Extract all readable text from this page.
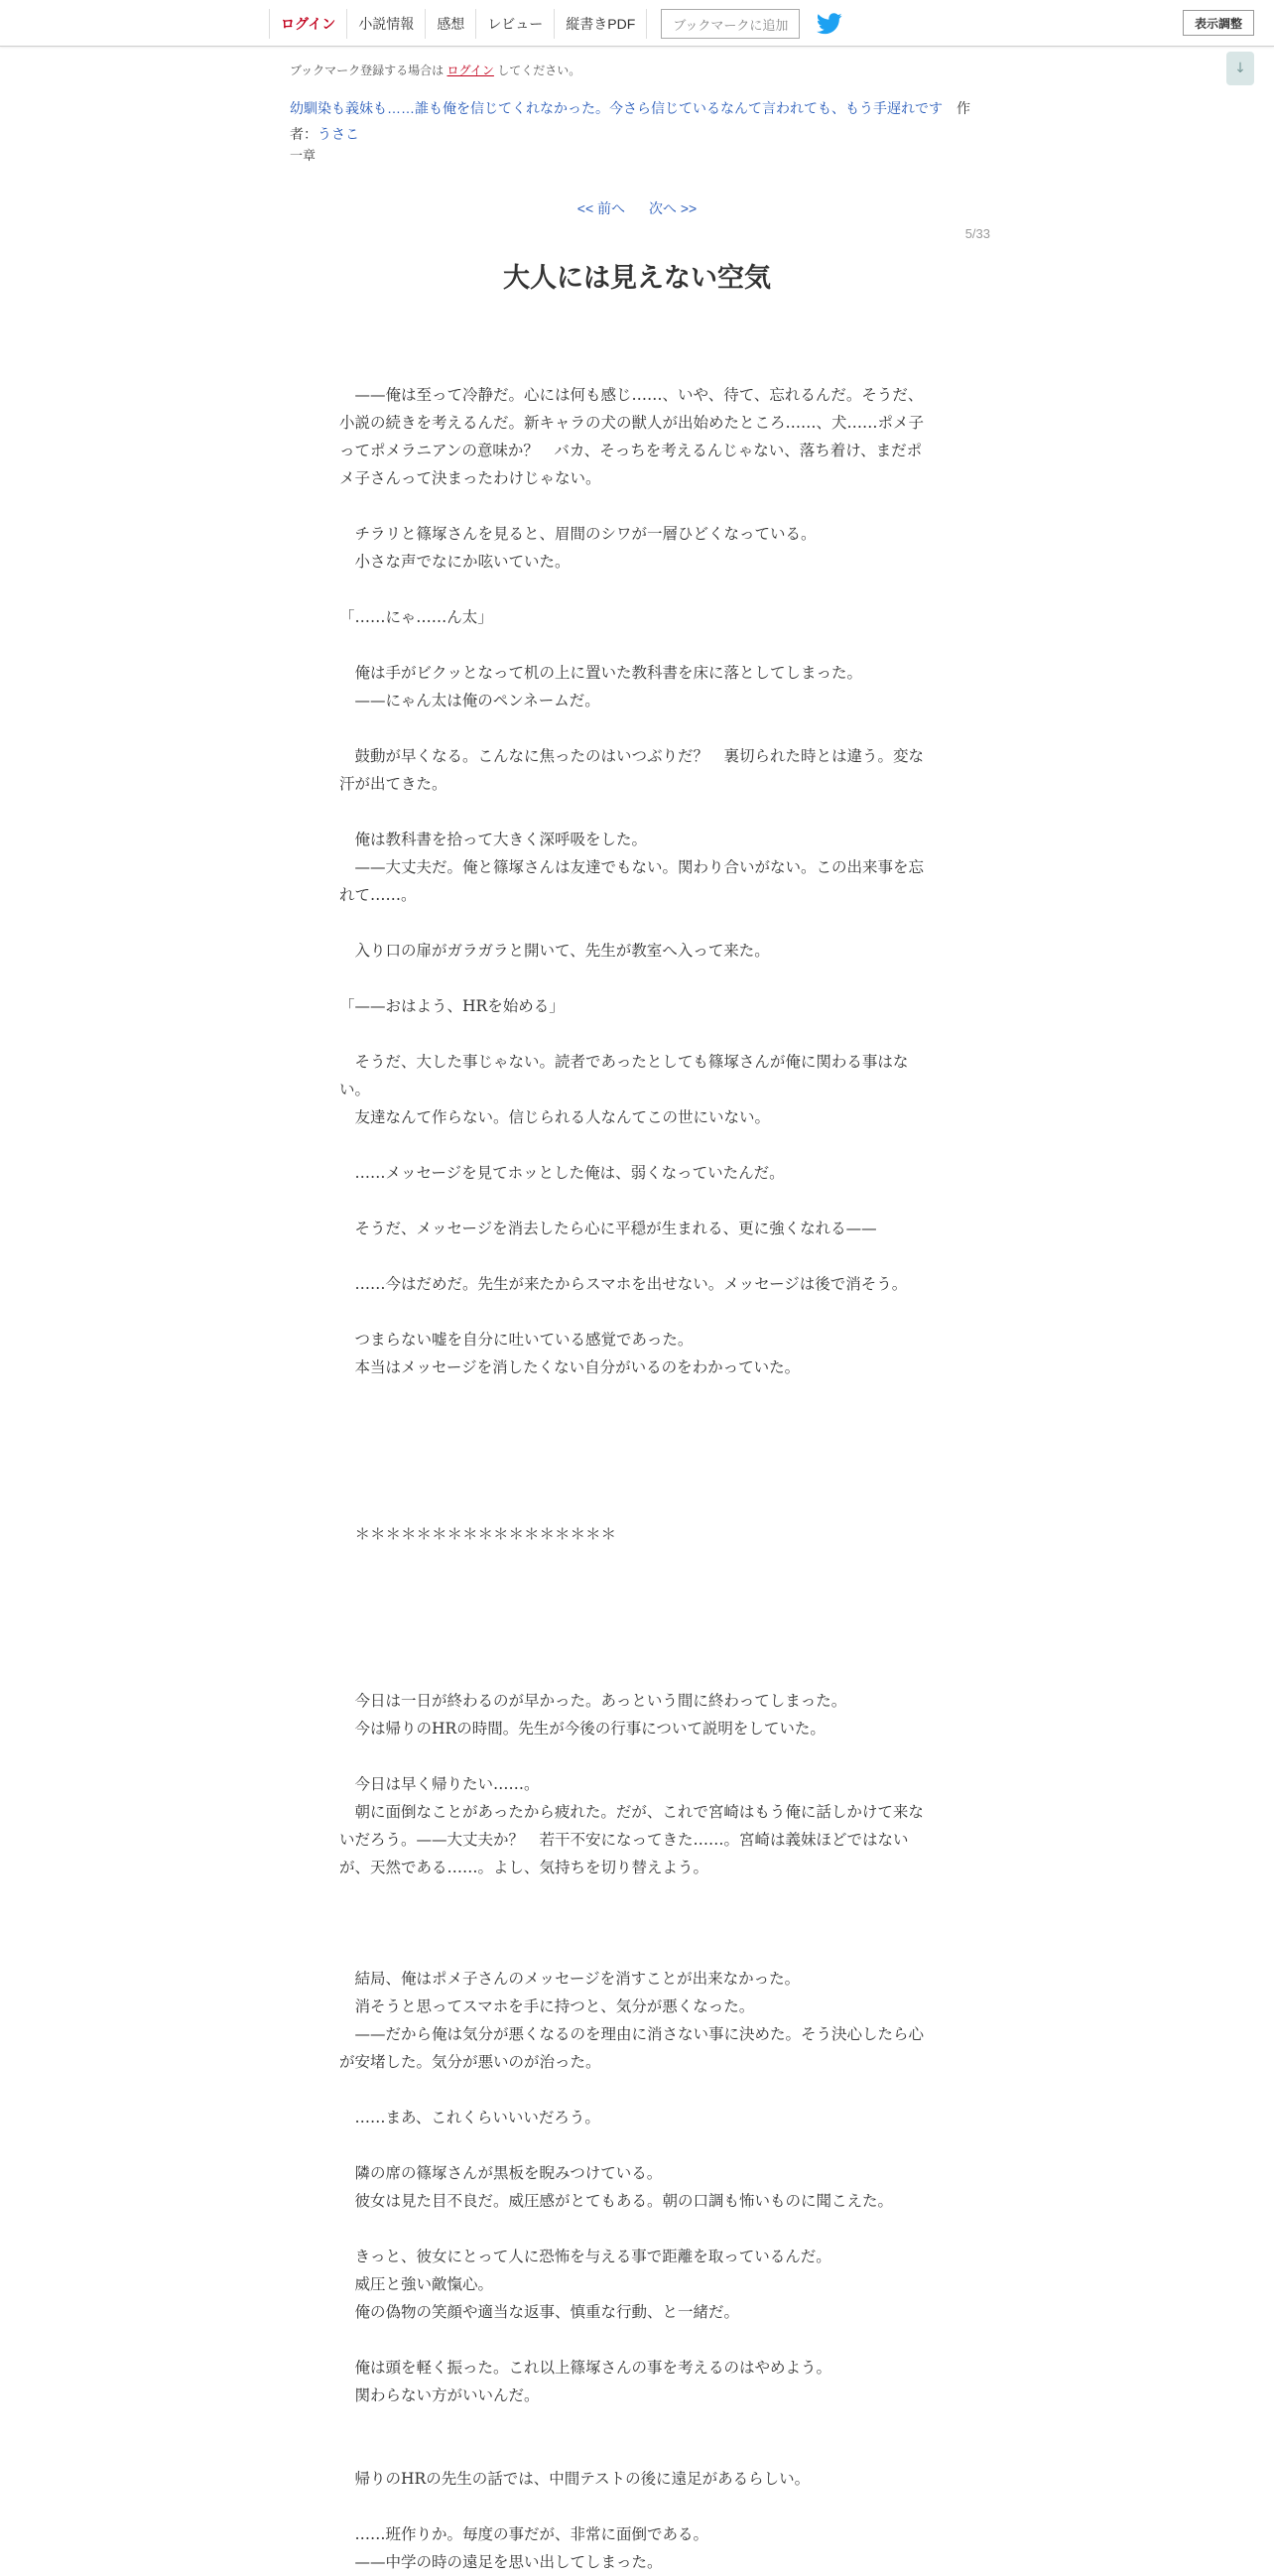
ログイン	小説情報	感想	レビュー	縦書きPDF	ブックマークに追加	表示調整
↓
ブックマーク登録する場合は ログイン してください。
幼馴染も義妹も……誰も俺を信じてくれなかった。今さら信じているなんて言われても、もう手遅れです　 作者：うさこ
一章
<< 前へ 次へ >>
5/33
大人には見えない空気

　——俺は至って冷静だ。心には何も感じ……、いや、待て、忘れるんだ。そうだ、小説の続きを考えるんだ。新キャラの犬の獣人が出始めたところ……、犬……ポメ子ってポメラニアンの意味か？　バカ、そっちを考えるんじゃない、落ち着け、まだポメ子さんって決まったわけじゃない。

　チラリと篠塚さんを見ると、眉間のシワが一層ひどくなっている。

　小さな声でなにか呟いていた。

「……にゃ……ん太」

　俺は手がビクッとなって机の上に置いた教科書を床に落としてしまった。

　——にゃん太は俺のペンネームだ。

　鼓動が早くなる。こんなに焦ったのはいつぶりだ？　裏切られた時とは違う。変な汗が出てきた。

　俺は教科書を拾って大きく深呼吸をした。

　——大丈夫だ。俺と篠塚さんは友達でもない。関わり合いがない。この出来事を忘れて……。

　入り口の扉がガラガラと開いて、先生が教室へ入って来た。

「——おはよう、HRを始める」

　そうだ、大した事じゃない。読者であったとしても篠塚さんが俺に関わる事はない。

　友達なんて作らない。信じられる人なんてこの世にいない。

　……メッセージを見てホッとした俺は、弱くなっていたんだ。

　そうだ、メッセージを消去したら心に平穏が生まれる、更に強くなれる——

　……今はだめだ。先生が来たからスマホを出せない。メッセージは後で消そう。

　つまらない嘘を自分に吐いている感覚であった。

　本当はメッセージを消したくない自分がいるのをわかっていた。

　＊＊＊＊＊＊＊＊＊＊＊＊＊＊＊＊＊

　今日は一日が終わるのが早かった。あっという間に終わってしまった。

　今は帰りのHRの時間。先生が今後の行事について説明をしていた。

　今日は早く帰りたい……。

　朝に面倒なことがあったから疲れた。だが、これで宮崎はもう俺に話しかけて来ないだろう。——大丈夫か？　若干不安になってきた……。宮崎は義妹ほどではないが、天然である……。よし、気持ちを切り替えよう。

　結局、俺はポメ子さんのメッセージを消すことが出来なかった。

　消そうと思ってスマホを手に持つと、気分が悪くなった。

　——だから俺は気分が悪くなるのを理由に消さない事に決めた。そう決心したら心が安堵した。気分が悪いのが治った。

　……まあ、これくらいいいだろう。

　隣の席の篠塚さんが黒板を睨みつけている。

　彼女は見た目不良だ。威圧感がとてもある。朝の口調も怖いものに聞こえた。

　きっと、彼女にとって人に恐怖を与える事で距離を取っているんだ。

　威圧と強い敵愾心。

　俺の偽物の笑顔や適当な返事、慎重な行動、と一緒だ。

　俺は頭を軽く振った。これ以上篠塚さんの事を考えるのはやめよう。

　関わらない方がいいんだ。

　帰りのHRの先生の話では、中間テストの後に遠足があるらしい。

　……班作りか。毎度の事だが、非常に面倒である。

　——中学の時の遠足を思い出してしまった。
